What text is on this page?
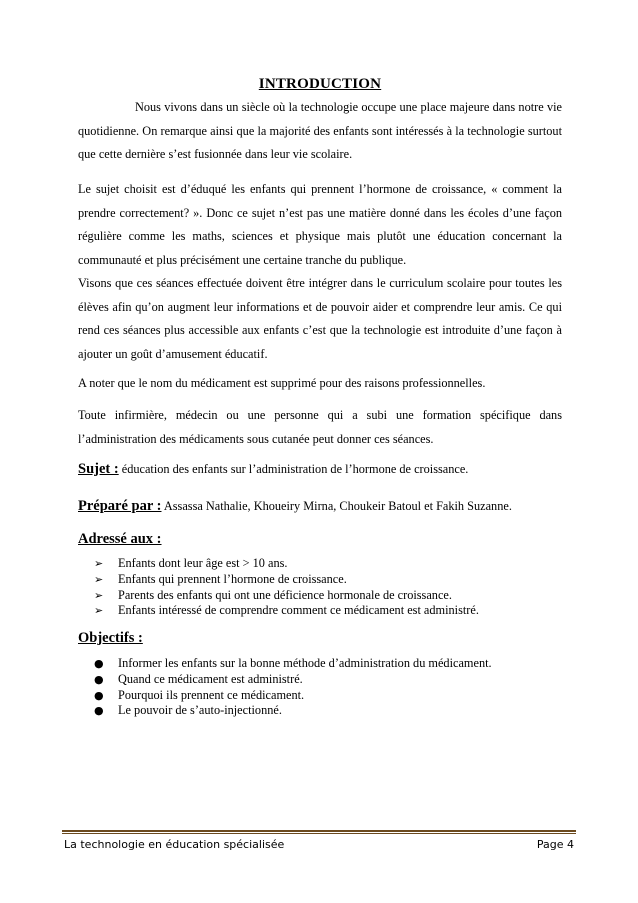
INTRODUCTION

Nous vivons dans un siècle où la technologie occupe une place majeure dans notre vie quotidienne. On remarque ainsi que la majorité des enfants sont intéressés à la technologie surtout que cette dernière s’est fusionnée dans leur vie scolaire.

Le sujet choisit est d’éduqué les enfants qui prennent l’hormone de croissance, « comment la prendre correctement? ». Donc ce sujet n’est pas une matière donné dans les écoles d’une façon régulière comme les maths, sciences et physique mais plutôt une éducation concernant la communauté et plus précisément une certaine tranche du publique.

Visons que ces séances effectuée doivent être intégrer dans le curriculum scolaire pour toutes les élèves afin qu’on augment leur informations et de pouvoir aider et comprendre leur amis. Ce qui rend ces séances plus accessible aux enfants c’est que la technologie est introduite d’une façon à ajouter un goût d’amusement éducatif.

A noter que le nom du médicament est supprimé pour des raisons professionnelles.

Toute infirmière, médecin ou une personne qui a subi une formation spécifique dans l’administration des médicaments sous cutanée peut donner ces séances.

Sujet : éducation des enfants sur l’administration de l’hormone de croissance.
Préparé par : Assassa Nathalie, Khoueiry Mirna, Choukeir Batoul et Fakih Suzanne.
Adressé aux :
➢	Enfants dont leur âge est > 10 ans.
➢	Enfants qui prennent l’hormone de croissance.
➢	Parents des enfants qui ont une déficience hormonale de croissance.
➢	Enfants intéressé de comprendre comment ce médicament est administré.
Objectifs :
●	Informer les enfants sur la bonne méthode d’administration du médicament.
●	Quand ce médicament est administré.
●	Pourquoi ils prennent ce médicament.
●	Le pouvoir de s’auto-injectionné.
La technologie en éducation spécialisée	Page 4
